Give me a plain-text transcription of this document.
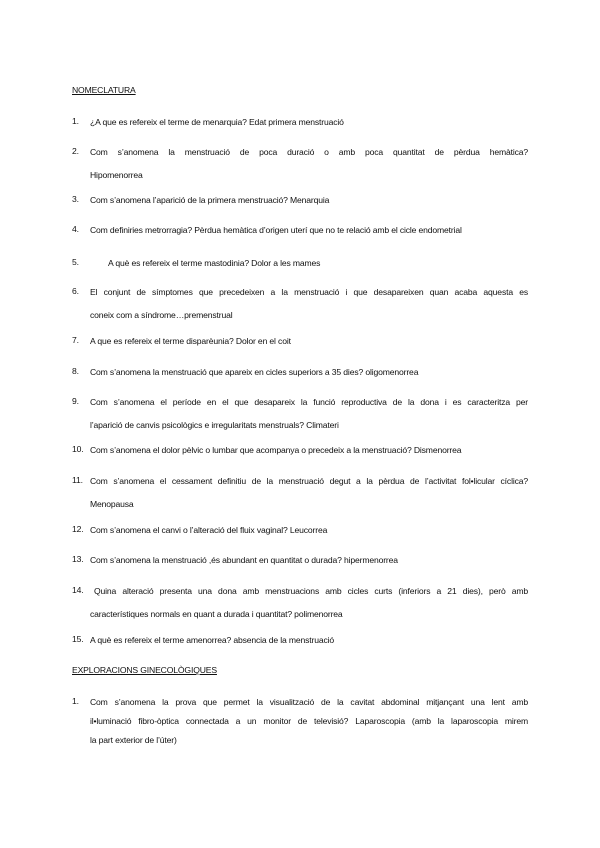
NOMECLATURA
1. ¿A que es refereix el terme de menarquia? Edat primera menstruació
2. Com s’anomena la menstruació de poca duració o amb poca quantitat de pèrdua hemàtica?
Hipomenorrea
3. Com s’anomena l’aparició de la primera menstruació? Menarquia
4. Com definiries metrorragia? Pèrdua hemàtica d’origen uterí que no te relació amb el cicle endometrial
5.	A què es refereix el terme mastodinia? Dolor a les mames
6. El conjunt de símptomes que precedeixen a la menstruació i que desapareixen quan acaba aquesta es
coneix com a síndrome…premenstrual
7. A que es refereix el terme disparèunia? Dolor en el coit
8. Com s’anomena la menstruació que apareix en cicles superiors a 35 dies? oligomenorrea
9. Com s’anomena el període en el que desapareix la funció reproductiva de la dona i es caracteritza per
l’aparició de canvis psicològics e irregularitats menstruals? Climateri
10. Com s’anomena el dolor pèlvic o lumbar que acompanya o precedeix a la menstruació? Dismenorrea
11. Com s’anomena el cessament definitiu de la menstruació degut a la pèrdua de l’activitat fol•licular cíclica?
Menopausa
12. Com s’anomena el canvi o l’alteració del fluix vaginal? Leucorrea
13. Com s’anomena la menstruació ,és abundant en quantitat o durada? hipermenorrea
14. Quina alteració presenta una dona amb menstruacions amb cicles curts (inferiors a 21 dies), però amb
característiques normals en quant a durada i quantitat? polimenorrea
15. A què es refereix el terme amenorrea? absencia de la menstruació
EXPLORACIONS GINECOLÒGIQUES
1. Com s’anomena la prova que permet la visualització de la cavitat abdominal mitjançant una lent amb
il•luminació fibro-òptica connectada a un monitor de televisió? Laparoscopia (amb la laparoscopia mirem
la part exterior de l’úter)
